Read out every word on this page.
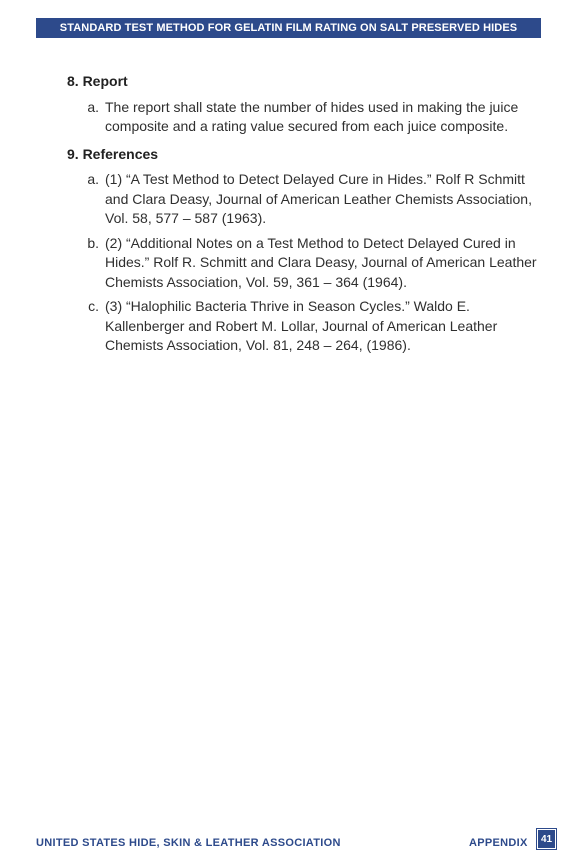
STANDARD TEST METHOD FOR GELATIN FILM RATING ON SALT PRESERVED HIDES
8. Report
a. The report shall state the number of hides used in making the juice composite and a rating value secured from each juice composite.
9. References
a. (1) “A Test Method to Detect Delayed Cure in Hides.” Rolf R Schmitt and Clara Deasy, Journal of American Leather Chemists Association, Vol. 58, 577 – 587 (1963).
b. (2) “Additional Notes on a Test Method to Detect Delayed Cured in Hides.” Rolf R. Schmitt and Clara Deasy, Journal of American Leather Chemists Association, Vol. 59, 361 – 364 (1964).
c. (3) “Halophilic Bacteria Thrive in Season Cycles.” Waldo E. Kallenberger and Robert M. Lollar, Journal of American Leather Chemists Association, Vol. 81, 248 – 264, (1986).
UNITED STATES HIDE, SKIN & LEATHER ASSOCIATION	APPENDIX 41
